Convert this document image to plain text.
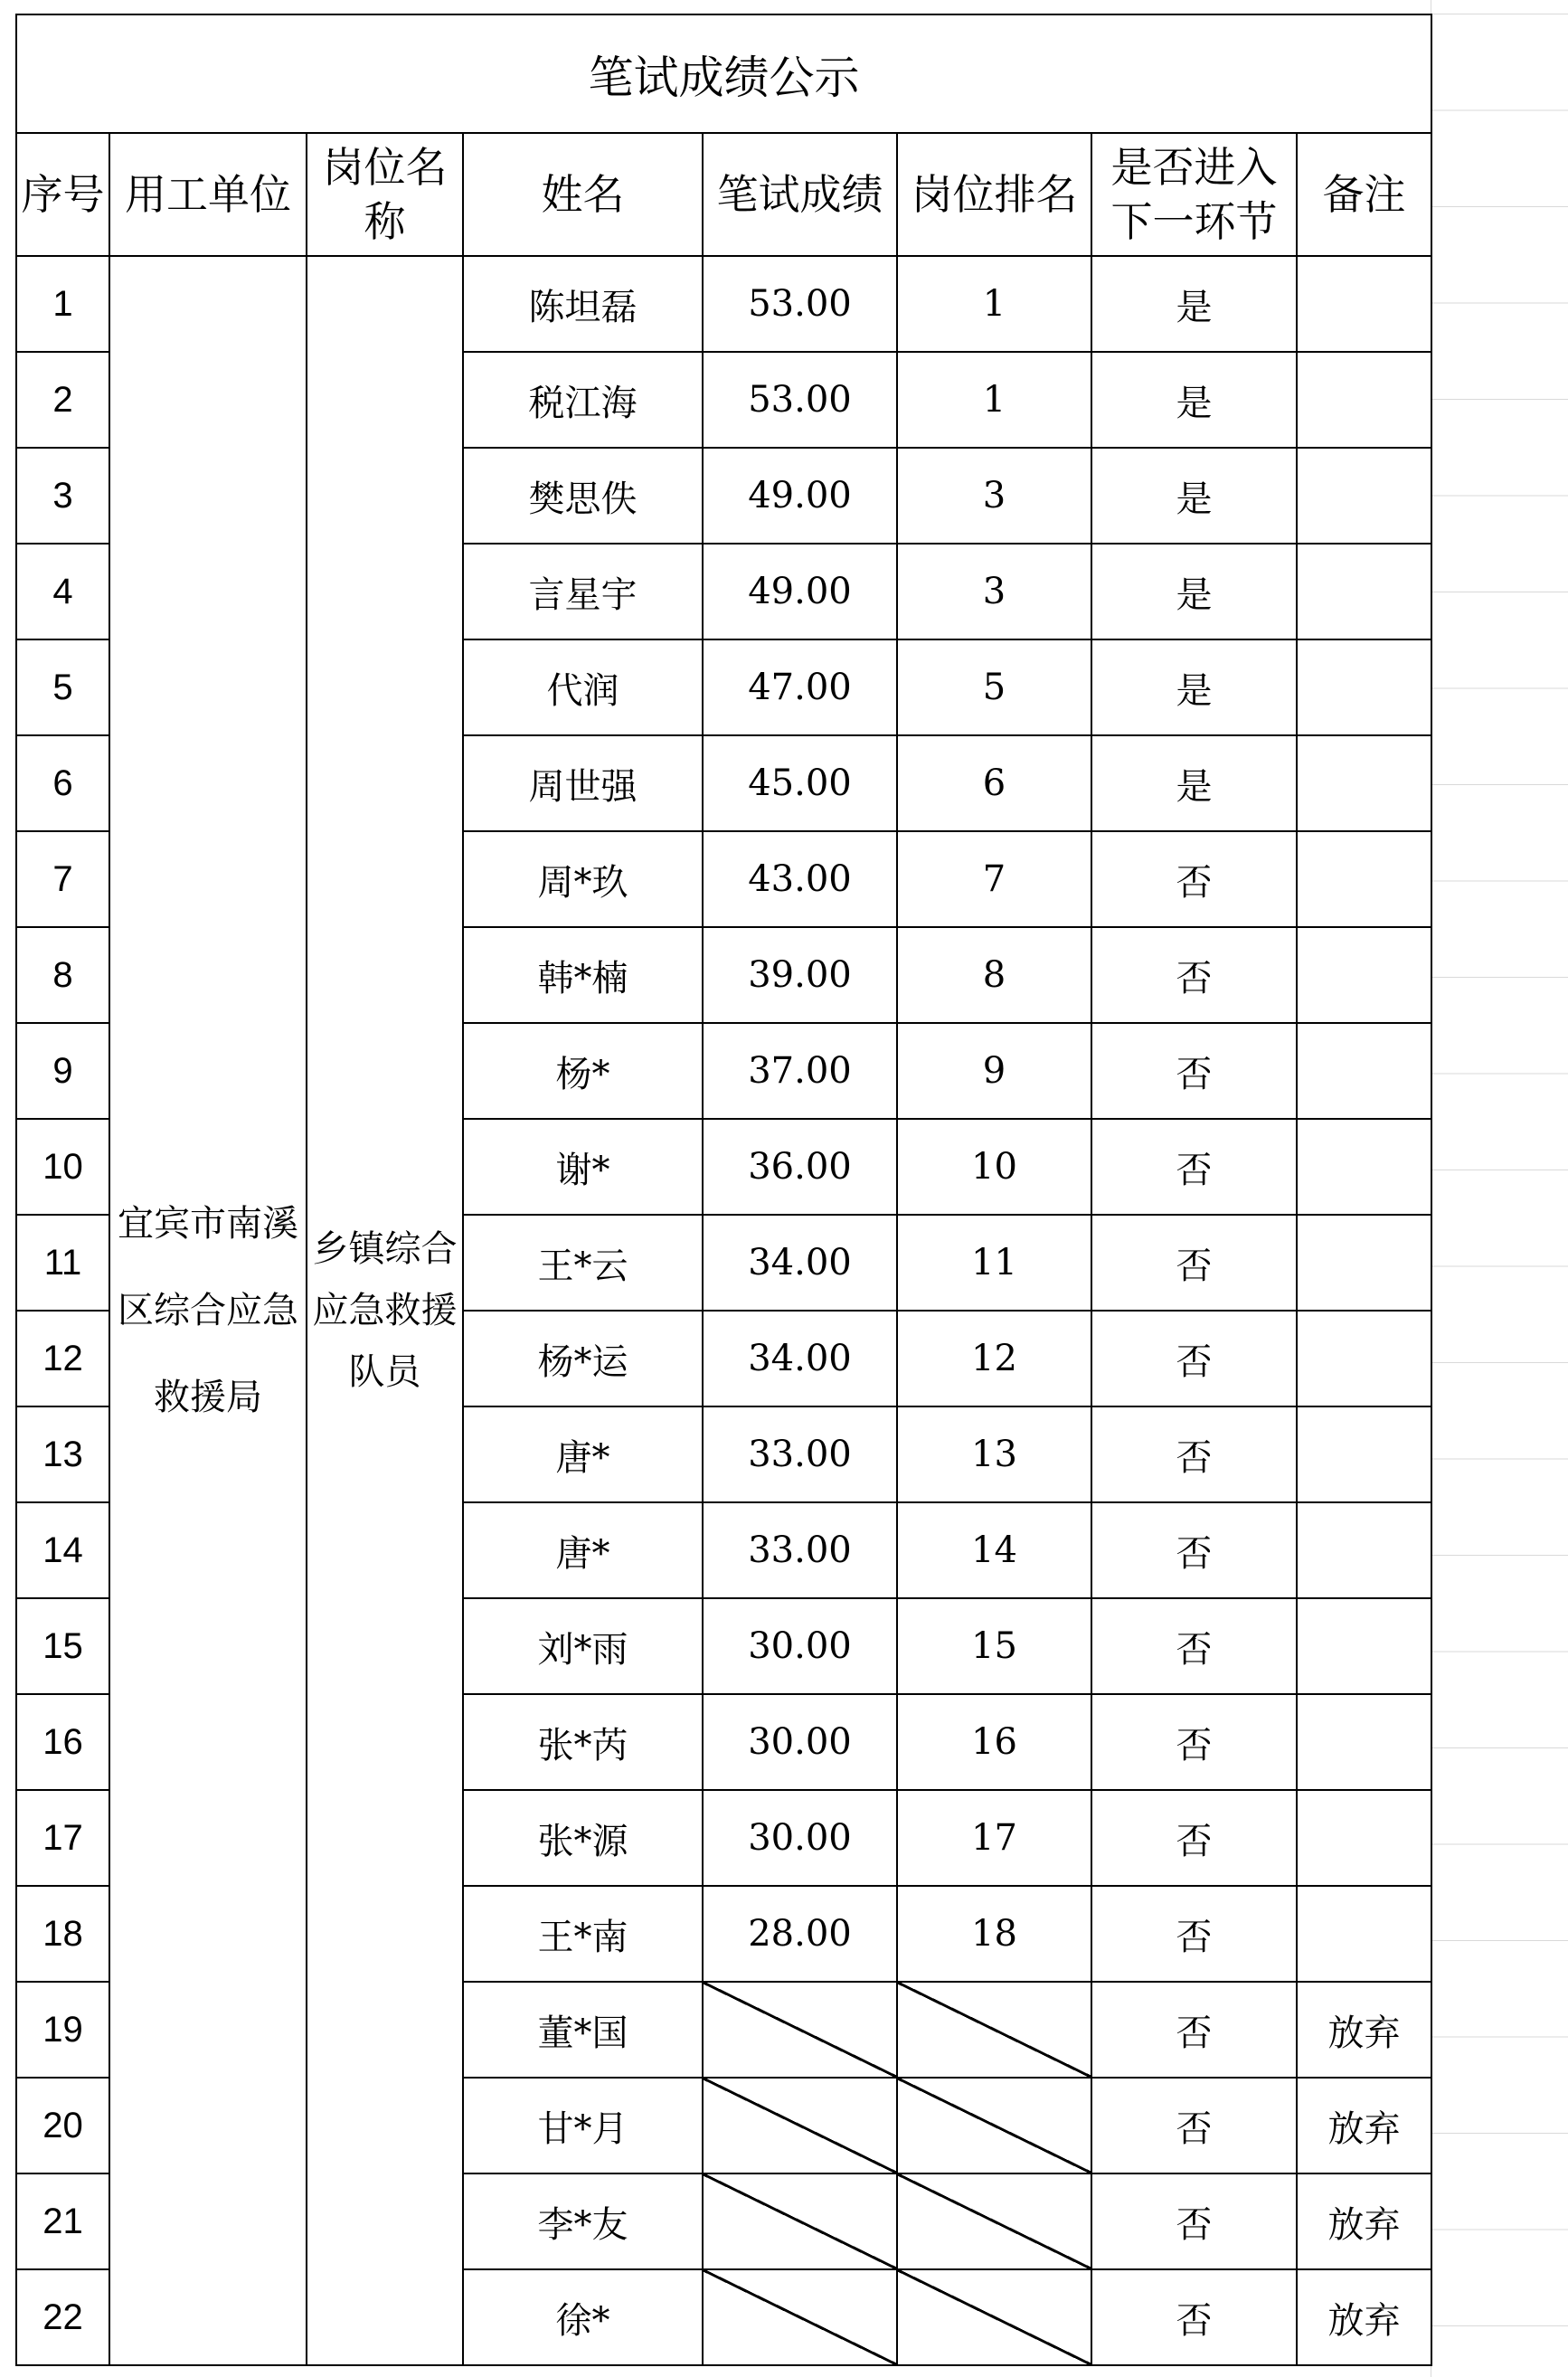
笔试成绩公示							
序号	用工单位	岗位名称	姓名	笔试成绩	岗位排名	是否进入下一环节	备注
1	宜宾市南溪区综合应急救援局	乡镇综合应急救援队员	陈坦磊	53.00	1	是	
2			税江海	53.00	1	是	
3			樊思佚	49.00	3	是	
4			言星宇	49.00	3	是	
5			代润	47.00	5	是	
6			周世强	45.00	6	是	
7			周*玖	43.00	7	否	
8			韩*楠	39.00	8	否	
9			杨*	37.00	9	否	
10			谢*	36.00	10	否	
11			王*云	34.00	11	否	
12			杨*运	34.00	12	否	
13			唐*	33.00	13	否	
14			唐*	33.00	14	否	
15			刘*雨	30.00	15	否	
16			张*芮	30.00	16	否	
17			张*源	30.00	17	否	
18			王*南	28.00	18	否	
19			董*国			否	放弃
20			甘*月			否	放弃
21			李*友			否	放弃
22			徐*			否	放弃
